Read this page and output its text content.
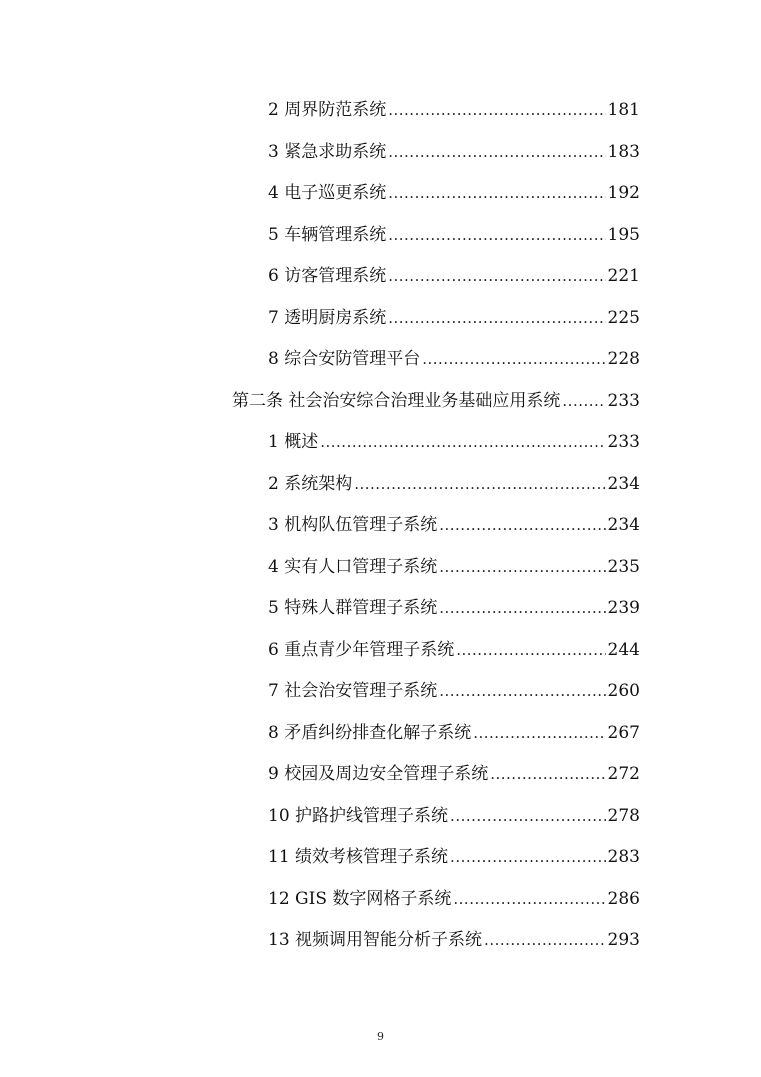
2 周界防范系统 .....	181
3 紧急求助系统 .....	183
4 电子巡更系统 .....	192
5 车辆管理系统 .....	195
6 访客管理系统 .....	221
7 透明厨房系统 .....	225
8 综合安防管理平台 .....	228
第二条 社会治安综合治理业务基础应用系统 .....	233
1 概述 .....	233
2 系统架构 .....	234
3 机构队伍管理子系统 .....	234
4 实有人口管理子系统 .....	235
5 特殊人群管理子系统 .....	239
6 重点青少年管理子系统 .....	244
7 社会治安管理子系统 .....	260
8 矛盾纠纷排查化解子系统 .....	267
9 校园及周边安全管理子系统 .....	272
10 护路护线管理子系统 .....	278
11 绩效考核管理子系统 .....	283
12 GIS 数字网格子系统 .....	286
13 视频调用智能分析子系统 .....	293
9
